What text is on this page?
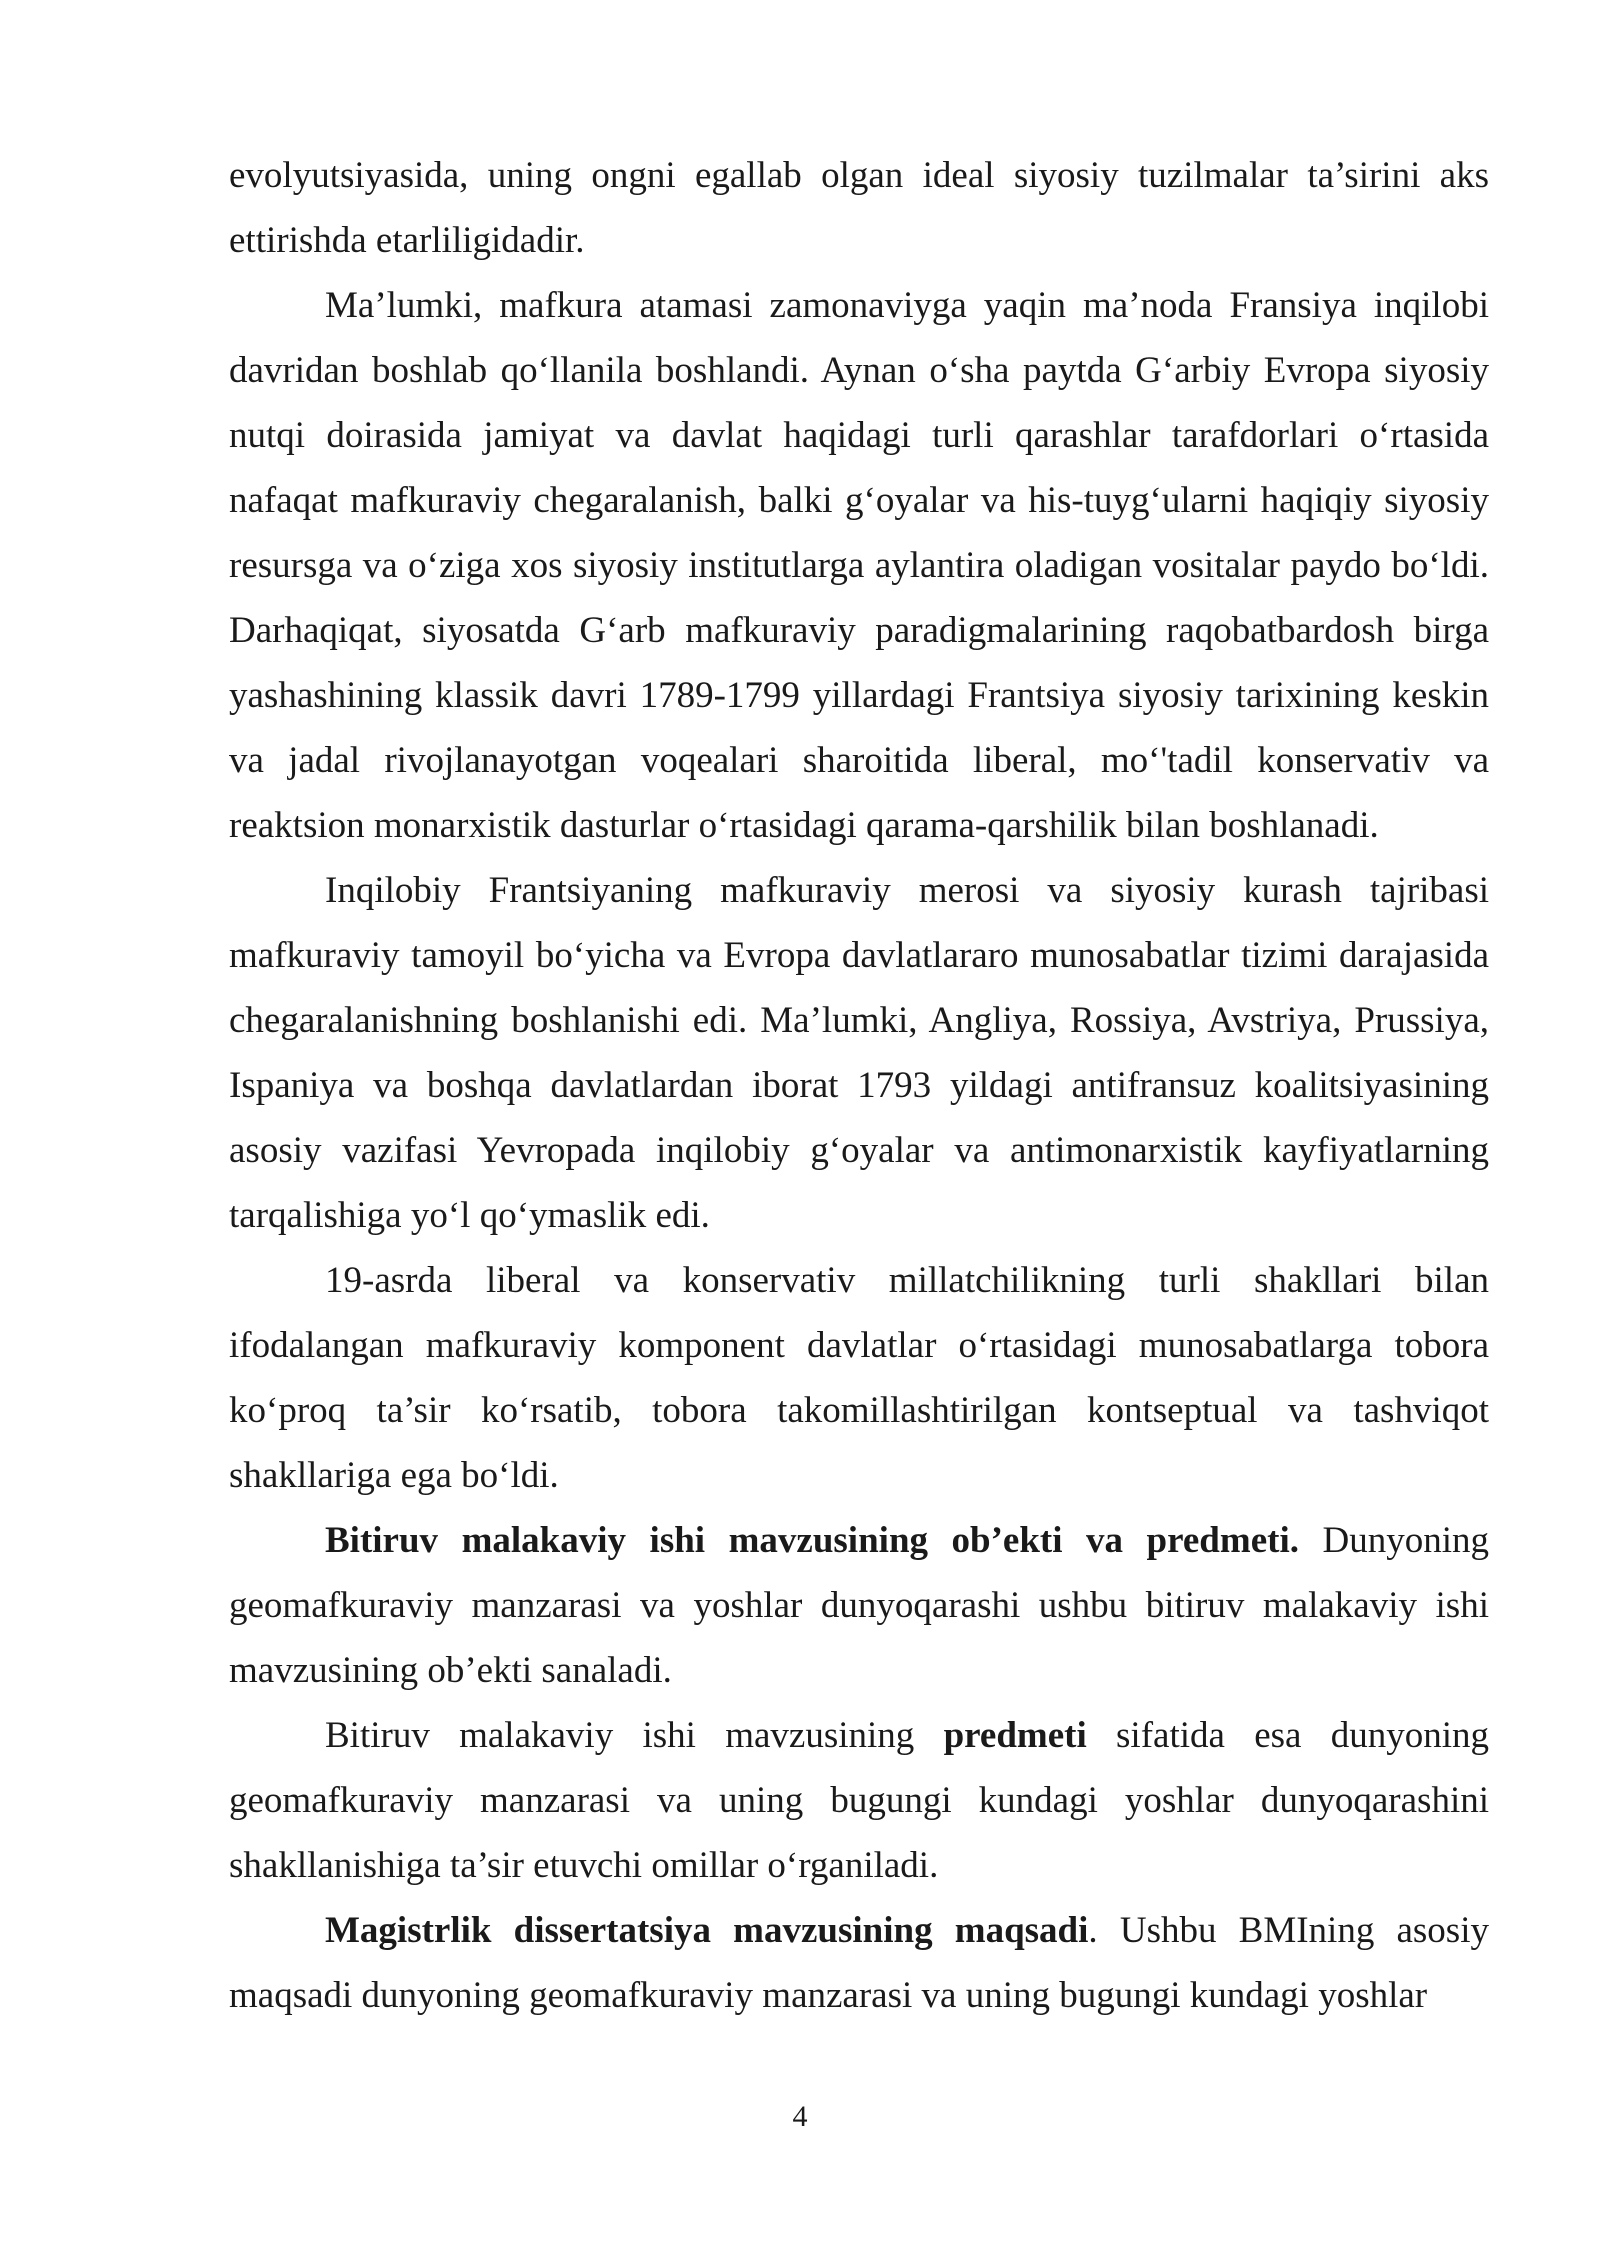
evolyutsiyasida, uning ongni egallab olgan ideal siyosiy tuzilmalar ta’sirini aks ettirishda etarliligidadir.

Ma’lumki, mafkura atamasi zamonaviyga yaqin ma’noda Fransiya inqilobi davridan boshlab qo‘llanila boshlandi. Aynan o‘sha paytda G‘arbiy Evropa siyosiy nutqi doirasida jamiyat va davlat haqidagi turli qarashlar tarafdorlari o‘rtasida nafaqat mafkuraviy chegaralanish, balki g‘oyalar va his-tuyg‘ularni haqiqiy siyosiy resursga va o‘ziga xos siyosiy institutlarga aylantira oladigan vositalar paydo bo‘ldi. Darhaqiqat, siyosatda G‘arb mafkuraviy paradigmalarining raqobatbardosh birga yashashining klassik davri 1789-1799 yillardagi Frantsiya siyosiy tarixining keskin va jadal rivojlanayotgan voqealari sharoitida liberal, mo‘'tadil konservativ va reaktsion monarxistik dasturlar o‘rtasidagi qarama-qarshilik bilan boshlanadi.

Inqilobiy Frantsiyaning mafkuraviy merosi va siyosiy kurash tajribasi mafkuraviy tamoyil bo‘yicha va Evropa davlatlararo munosabatlar tizimi darajasida chegaralanishning boshlanishi edi. Ma’lumki, Angliya, Rossiya, Avstriya, Prussiya, Ispaniya va boshqa davlatlardan iborat 1793 yildagi antifransuz koalitsiyasining asosiy vazifasi Yevropada inqilobiy g‘oyalar va antimonarxistik kayfiyatlarning tarqalishiga yo‘l qo‘ymaslik edi.

19-asrda liberal va konservativ millatchilikning turli shakllari bilan ifodalangan mafkuraviy komponent davlatlar o‘rtasidagi munosabatlarga tobora ko‘proq ta’sir ko‘rsatib, tobora takomillashtirilgan kontseptual va tashviqot shakllariga ega bo‘ldi.

Bitiruv malakaviy ishi mavzusining ob’ekti va predmeti. Dunyoning geomafkuraviy manzarasi va yoshlar dunyoqarashi ushbu bitiruv malakaviy ishi mavzusining ob’ekti sanaladi.

Bitiruv malakaviy ishi mavzusining predmeti sifatida esa dunyoning geomafkuraviy manzarasi va uning bugungi kundagi yoshlar dunyoqarashini shakllanishiga ta’sir etuvchi omillar o‘rganiladi.

Magistrlik dissertatsiya mavzusining maqsadi. Ushbu BMIning asosiy maqsadi dunyoning geomafkuraviy manzarasi va uning bugungi kundagi yoshlar

4
